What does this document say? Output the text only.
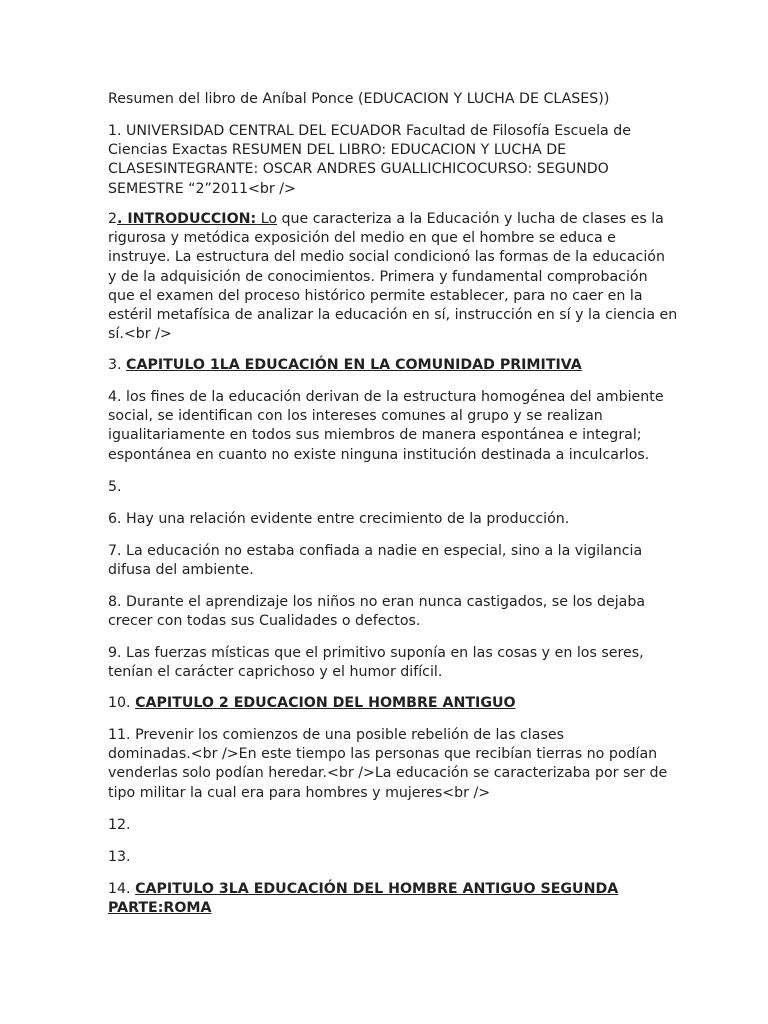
Resumen del libro de Aníbal Ponce (EDUCACION Y LUCHA DE CLASES))

1. UNIVERSIDAD CENTRAL DEL ECUADOR Facultad de Filosofía Escuela de
Ciencias Exactas RESUMEN DEL LIBRO: EDUCACION Y LUCHA DE
CLASESINTEGRANTE: OSCAR ANDRES GUALLICHICOCURSO: SEGUNDO
SEMESTRE “2”2011<br />

2. INTRODUCCION: Lo que caracteriza a la Educación y lucha de clases es la
rigurosa y metódica exposición del medio en que el hombre se educa e
instruye. La estructura del medio social condicionó las formas de la educación
y de la adquisición de conocimientos. Primera y fundamental comprobación
que el examen del proceso histórico permite establecer, para no caer en la
estéril metafísica de analizar la educación en sí, instrucción en sí y la ciencia en
sí.<br />

3. CAPITULO 1LA EDUCACIÓN EN LA COMUNIDAD PRIMITIVA

4. los fines de la educación derivan de la estructura homogénea del ambiente
social, se identifican con los intereses comunes al grupo y se realizan
igualitariamente en todos sus miembros de manera espontánea e integral;
espontánea en cuanto no existe ninguna institución destinada a inculcarlos.

5.

6. Hay una relación evidente entre crecimiento de la producción.

7. La educación no estaba confiada a nadie en especial, sino a la vigilancia
difusa del ambiente.

8. Durante el aprendizaje los niños no eran nunca castigados, se los dejaba
crecer con todas sus Cualidades o defectos.

9. Las fuerzas místicas que el primitivo suponía en las cosas y en los seres,
tenían el carácter caprichoso y el humor difícil.

10. CAPITULO 2 EDUCACION DEL HOMBRE ANTIGUO

11. Prevenir los comienzos de una posible rebelión de las clases
dominadas.<br />En este tiempo las personas que recibían tierras no podían
venderlas solo podían heredar.<br />La educación se caracterizaba por ser de
tipo militar la cual era para hombres y mujeres<br />

12.

13.

14. CAPITULO 3LA EDUCACIÓN DEL HOMBRE ANTIGUO SEGUNDA
PARTE:ROMA
